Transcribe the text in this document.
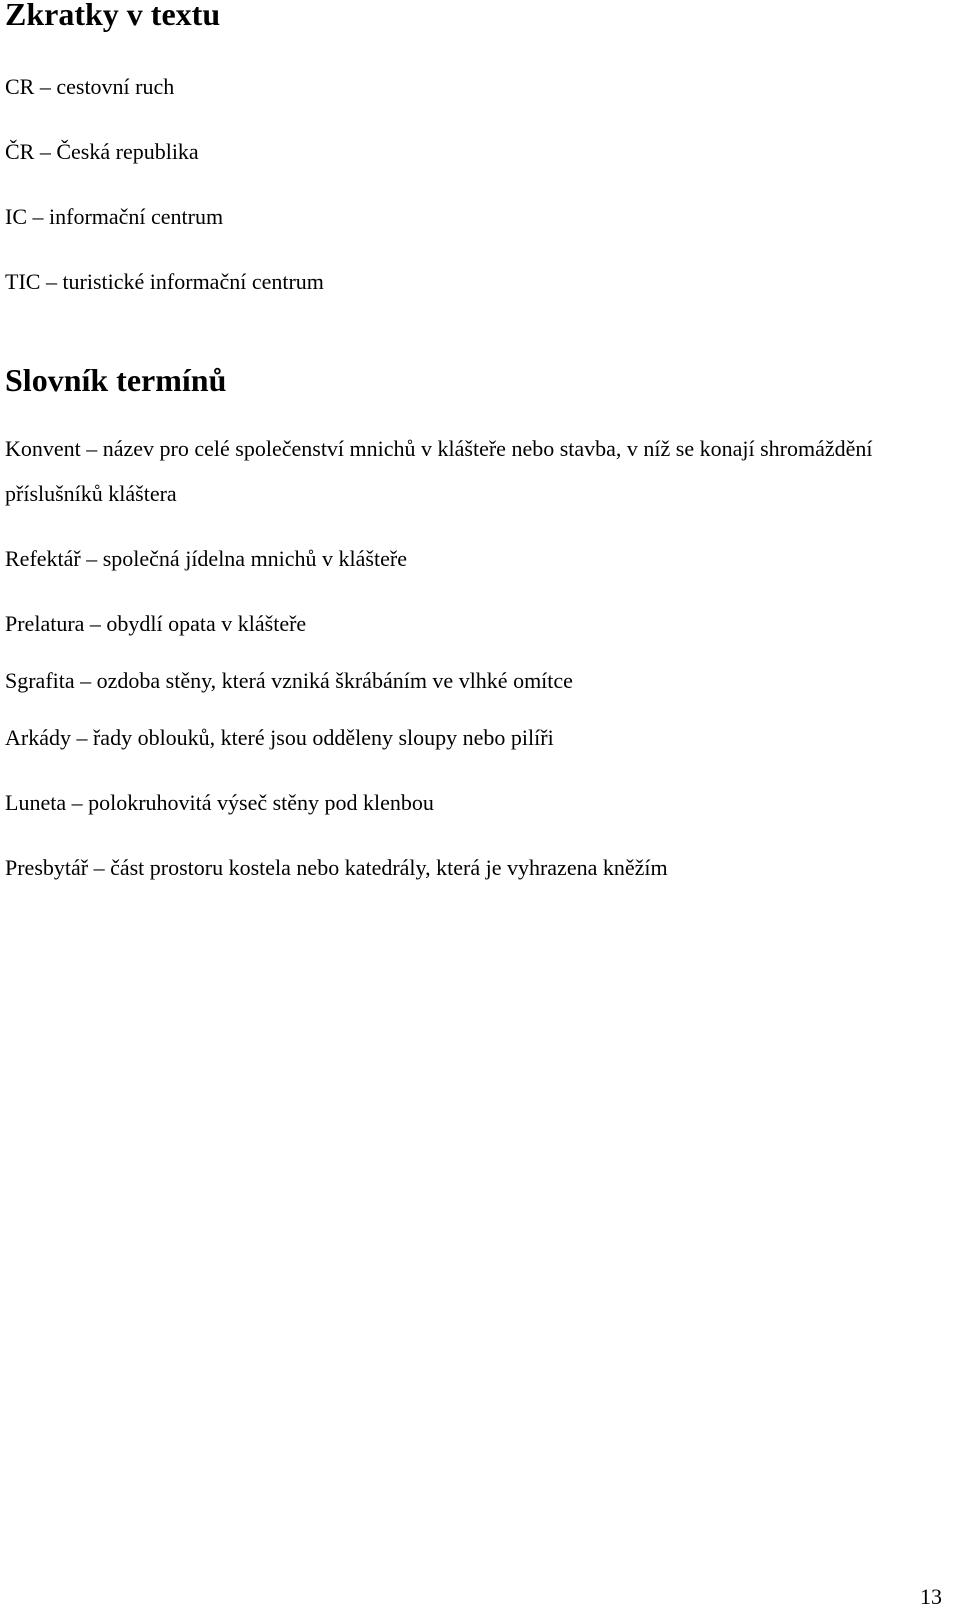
Zkratky v textu
CR – cestovní ruch
ČR – Česká republika
IC – informační centrum
TIC – turistické informační centrum
Slovník termínů
Konvent – název pro celé společenství mnichů v klášteře nebo stavba, v níž se konají shromáždění příslušníků kláštera
Refektář – společná jídelna mnichů v klášteře
Prelatura – obydlí opata v klášteře
Sgrafita – ozdoba stěny, která vzniká škrábáním ve vlhké omítce
Arkády – řady oblouků, které jsou odděleny sloupy nebo pilíři
Luneta – polokruhovitá výseč stěny pod klenbou
Presbytář – část prostoru kostela nebo katedrály, která je vyhrazena kněžím
13
